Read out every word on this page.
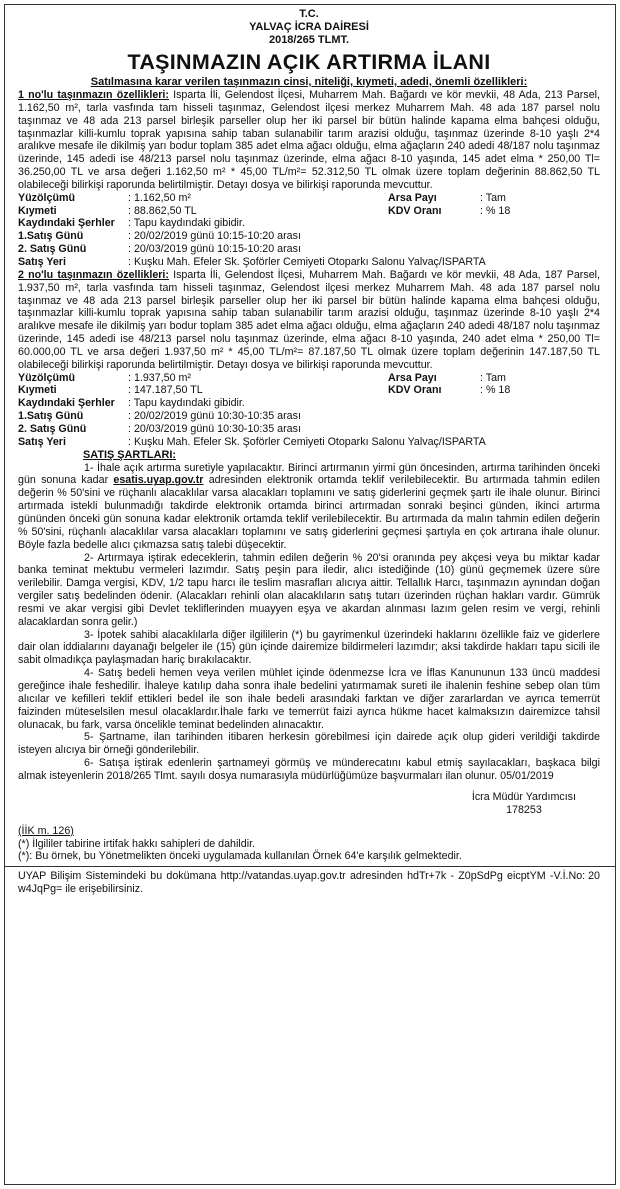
T.C.
YALVAÇ İCRA DAİRESİ
2018/265 TLMT.
TAŞINMAZIN AÇIK ARTIRMA İLANI
Satılmasına karar verilen taşınmazın cinsi, niteliği, kıymeti, adedi, önemli özellikleri:

1 no'lu taşınmazın özellikleri: Isparta İli, Gelendost İlçesi, Muharrem Mah. Bağardı ve kör mevkii, 48 Ada, 213 Parsel, 1.162,50 m², tarla vasfında tam hisseli taşınmaz, Gelendost ilçesi merkez Muharrem Mah. 48 ada 187 parsel nolu taşınmaz ve 48 ada 213 parsel birleşik parseller olup her iki parsel bir bütün halinde kapama elma bahçesi olduğu, taşınmazlar killi-kumlu toprak yapısına sahip taban sulanabilir tarım arazisi olduğu, taşınmaz üzerinde 8-10 yaşlı 2*4 aralıkve mesafe ile dikilmiş yarı bodur toplam 385 adet elma ağacı olduğu, elma ağaçların 240 adedi 48/187 nolu taşınmaz üzerinde, 145 adedi ise 48/213 parsel nolu taşınmaz üzerinde, elma ağacı 8-10 yaşında, 145 adet elma * 250,00 Tl= 36.250,00 TL ve arsa değeri 1.162,50 m² * 45,00 TL/m²= 52.312,50 TL olmak üzere toplam değerinin 88.862,50 TL olabileceği bilirkişi raporunda belirtilmiştir. Detayı dosya ve bilirkişi raporunda mevcuttur.

Yüzölçümü	: 1.162,50 m²	Arsa Payı	: Tam
Kıymeti	: 88.862,50 TL	KDV Oranı	: % 18
Kaydındaki Şerhler	: Tapu kaydındaki gibidir.
1.Satış Günü	: 20/02/2019 günü 10:15-10:20 arası
2. Satış Günü	: 20/03/2019 günü 10:15-10:20 arası
Satış Yeri	: Kuşku Mah. Efeler Sk. Şoförler Cemiyeti Otoparkı Salonu Yalvaç/ISPARTA

2 no'lu taşınmazın özellikleri: Isparta İli, Gelendost İlçesi, Muharrem Mah. Bağardı ve kör mevkii, 48 Ada, 187 Parsel, 1.937,50 m², tarla vasfında tam hisseli taşınmaz, Gelendost ilçesi merkez Muharrem Mah. 48 ada 187 parsel nolu taşınmaz ve 48 ada 213 parsel birleşik parseller olup her iki parsel bir bütün halinde kapama elma bahçesi olduğu, taşınmazlar killi-kumlu toprak yapısına sahip taban sulanabilir tarım arazisi olduğu, taşınmaz üzerinde 8-10 yaşlı 2*4 aralıkve mesafe ile dikilmiş yarı bodur toplam 385 adet elma ağacı olduğu, elma ağaçların 240 adedi 48/187 nolu taşınmaz üzerinde, 145 adedi ise 48/213 parsel nolu taşınmaz üzerinde, elma ağacı 8-10 yaşında, 240 adet elma * 250,00 Tl= 60.000,00 TL ve arsa değeri 1.937,50 m² * 45,00 TL/m²= 87.187,50 TL olmak üzere toplam değerinin 147.187,50 TL olabileceği bilirkişi raporunda belirtilmiştir. Detayı dosya ve bilirkişi raporunda mevcuttur.

Yüzölçümü	: 1.937,50 m²	Arsa Payı	: Tam
Kıymeti	: 147.187,50 TL	KDV Oranı	: % 18
Kaydındaki Şerhler	: Tapu kaydındaki gibidir.
1.Satış Günü	: 20/02/2019 günü 10:30-10:35 arası
2. Satış Günü	: 20/03/2019 günü 10:30-10:35 arası
Satış Yeri	: Kuşku Mah. Efeler Sk. Şoförler Cemiyeti Otoparkı Salonu Yalvaç/ISPARTA
SATIŞ ŞARTLARI:

1- İhale açık artırma suretiyle yapılacaktır. Birinci artırmanın yirmi gün öncesinden, artırma tarihinden önceki gün sonuna kadar esatis.uyap.gov.tr adresinden elektronik ortamda teklif verilebilecektir. Bu artırmada tahmin edilen değerin % 50'sini ve rüçhanlı alacaklılar varsa alacakları toplamını ve satış giderlerini geçmek şartı ile ihale olunur. Birinci artırmada istekli bulunmadığı takdirde elektronik ortamda birinci artırmadan sonraki beşinci günden, ikinci artırma gününden önceki gün sonuna kadar elektronik ortamda teklif verilebilecektir. Bu artırmada da malın tahmin edilen değerin % 50'sini, rüçhanlı alacaklılar varsa alacakları toplamını ve satış giderlerini geçmesi şartıyla en çok artırana ihale olunur. Böyle fazla bedelle alıcı çıkmazsa satış talebi düşecektir.

2- Artırmaya iştirak edeceklerin, tahmin edilen değerin % 20'si oranında pey akçesi veya bu miktar kadar banka teminat mektubu vermeleri lazımdır. Satış peşin para iledir, alıcı istediğinde (10) günü geçmemek üzere süre verilebilir. Damga vergisi, KDV, 1/2 tapu harcı ile teslim masrafları alıcıya aittir. Tellallık Harcı, taşınmazın aynından doğan vergiler satış bedelinden ödenir. (Alacakları rehinli olan alacaklıların satış tutarı üzerinden rüçhan hakları vardır. Gümrük resmi ve akar vergisi gibi Devlet tekliflerinden muayyen eşya ve akardan alınması lazım gelen resim ve vergi, rehinli alacaklardan sonra gelir.)

3- İpotek sahibi alacaklılarla diğer ilgililerin (*) bu gayrimenkul üzerindeki haklarını özellikle faiz ve giderlere dair olan iddialarını dayanağı belgeler ile (15) gün içinde dairemize bildirmeleri lazımdır; aksi takdirde hakları tapu sicili ile sabit olmadıkça paylaşmadan hariç bırakılacaktır.

4- Satış bedeli hemen veya verilen mühlet içinde ödenmezse İcra ve İflas Kanununun 133 üncü maddesi gereğince ihale feshedilir. İhaleye katılıp daha sonra ihale bedelini yatırmamak sureti ile ihalenin feshine sebep olan tüm alıcılar ve kefilleri teklif ettikleri bedel ile son ihale bedeli arasındaki farktan ve diğer zararlardan ve ayrıca temerrüt faizinden müteselsilen mesul olacaklardır.İhale farkı ve temerrüt faizi ayrıca hükme hacet kalmaksızın dairemizce tahsil olunacak, bu fark, varsa öncelikle teminat bedelinden alınacaktır.

5- Şartname, ilan tarihinden itibaren herkesin görebilmesi için dairede açık olup gideri verildiği takdirde isteyen alıcıya bir örneği gönderilebilir.

6- Satışa iştirak edenlerin şartnameyi görmüş ve münderecatını kabul etmiş sayılacakları, başkaca bilgi almak isteyenlerin 2018/265 Tlmt. sayılı dosya numarasıyla müdürlüğümüze başvurmaları ilan olunur. 05/01/2019

İcra Müdür Yardımcısı
178253
(İİK m. 126)
(*) İlgililer tabirine irtifak hakkı sahipleri de dahildir.
(*): Bu örnek, bu Yönetmelikten önceki uygulamada kullanılan Örnek 64'e karşılık gelmektedir.
V.İ.No: 20
UYAP Bilişim Sistemindeki bu dokümana http://vatandas.uyap.gov.tr adresinden hdTr+7k - Z0pSdPg eicptYM - w4JqPg= ile erişebilirsiniz.
